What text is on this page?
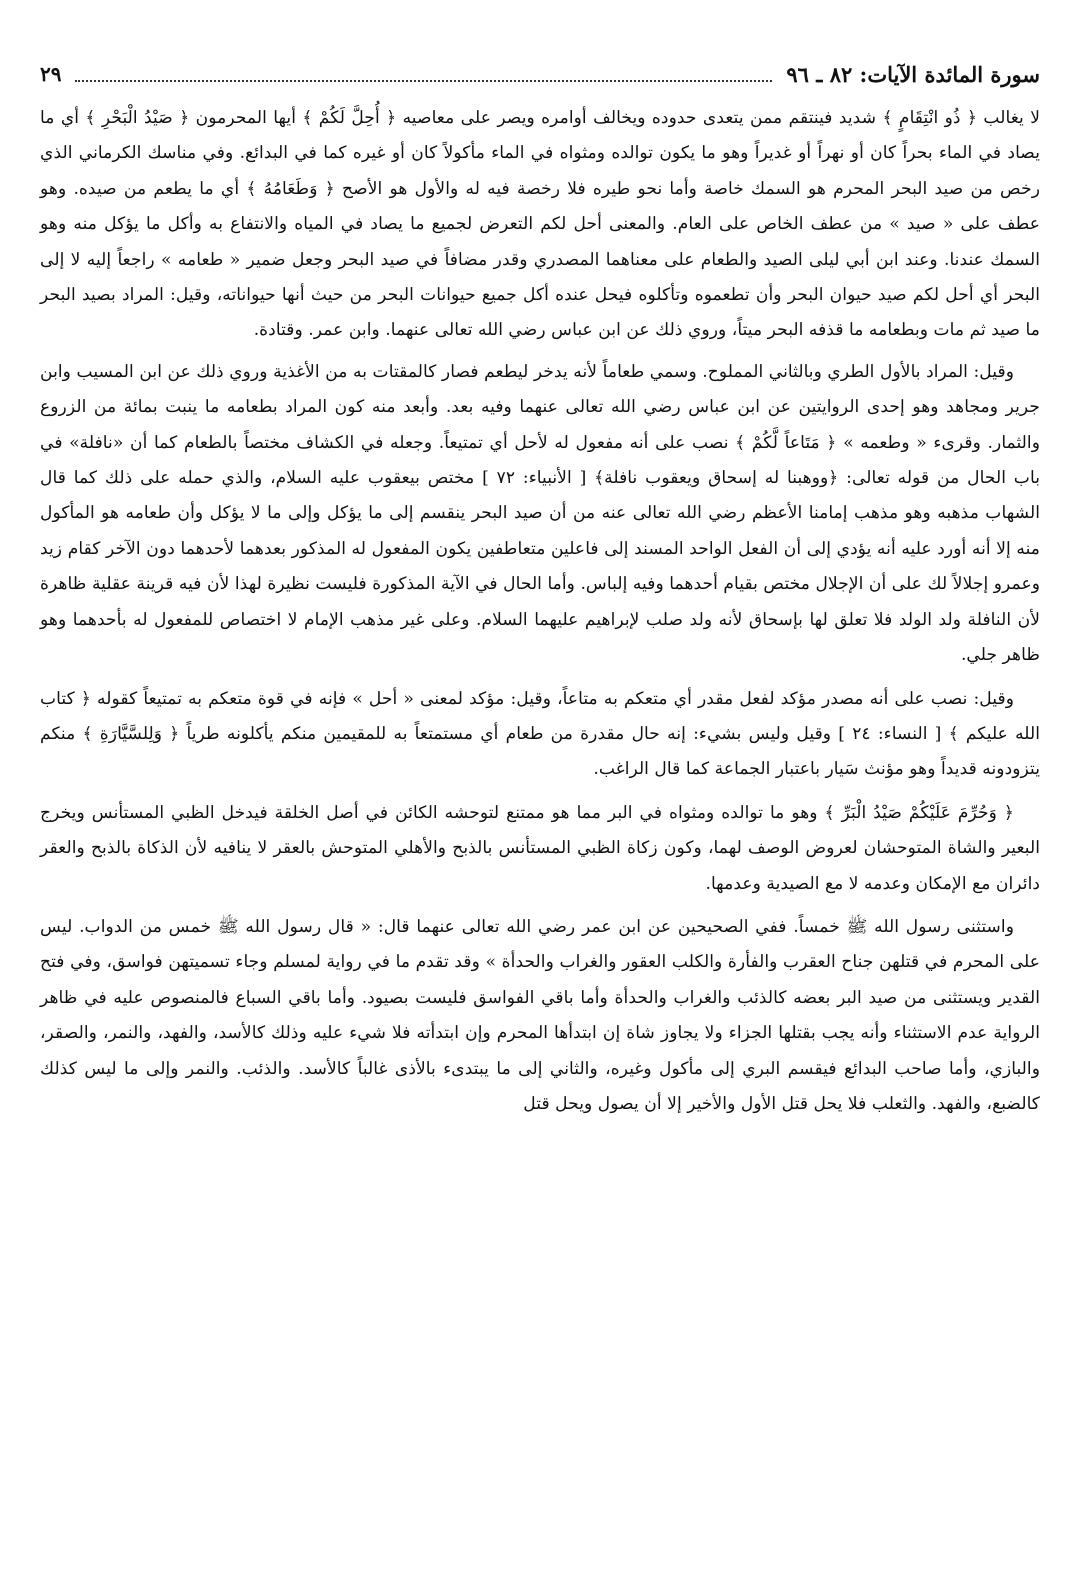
سورة المائدة الآيات: ٨٢ ـ ٩٦
٢٩

لا يغالب ﴿ ذُو انْتِقَامٍ ﴾ شديد فينتقم ممن يتعدى حدوده ويخالف أوامره ويصر على معاصيه ﴿ أُحِلَّ لَكُمْ ﴾ أيها المحرمون ﴿ صَيْدُ الْبَحْرِ ﴾ أي ما يصاد في الماء بحراً كان أو نهراً أو غديراً وهو ما يكون توالده ومثواه في الماء مأكولاً كان أو غيره كما في البدائع. وفي مناسك الكرماني الذي رخص من صيد البحر المحرم هو السمك خاصة وأما نحو طيره فلا رخصة فيه له والأول هو الأصح ﴿ وَطَعَامُهُ ﴾ أي ما يطعم من صيده. وهو عطف على « صيد » من عطف الخاص على العام. والمعنى أحل لكم التعرض لجميع ما يصاد في المياه والانتفاع به وأكل ما يؤكل منه وهو السمك عندنا. وعند ابن أبي ليلى الصيد والطعام على معناهما المصدري وقدر مضافاً في صيد البحر وجعل ضمير « طعامه » راجعاً إليه لا إلى البحر أي أحل لكم صيد حيوان البحر وأن تطعموه وتأكلوه فيحل عنده أكل جميع حيوانات البحر من حيث أنها حيواناته، وقيل: المراد بصيد البحر ما صيد ثم مات وبطعامه ما قذفه البحر ميتاً، وروي ذلك عن ابن عباس رضي الله تعالى عنهما. وابن عمر. وقتادة.

وقيل: المراد بالأول الطري وبالثاني المملوح. وسمي طعاماً لأنه يدخر ليطعم فصار كالمقتات به من الأغذية وروي ذلك عن ابن المسيب وابن جرير ومجاهد وهو إحدى الروايتين عن ابن عباس رضي الله تعالى عنهما وفيه بعد. وأبعد منه كون المراد بطعامه ما ينبت بمائة من الزروع والثمار. وقرىء « وطعمه » ﴿ مَتَاعاً لَّكُمْ ﴾ نصب على أنه مفعول له لأحل أي تمتيعاً. وجعله في الكشاف مختصاً بالطعام كما أن «نافلة» في باب الحال من قوله تعالى: ﴿ووهبنا له إسحاق ويعقوب نافلة﴾ [ الأنبياء: ٧٢ ] مختص بيعقوب عليه السلام، والذي حمله على ذلك كما قال الشهاب مذهبه وهو مذهب إمامنا الأعظم رضي الله تعالى عنه من أن صيد البحر ينقسم إلى ما يؤكل وإلى ما لا يؤكل وأن طعامه هو المأكول منه إلا أنه أورد عليه أنه يؤدي إلى أن الفعل الواحد المسند إلى فاعلين متعاطفين يكون المفعول له المذكور بعدهما لأحدهما دون الآخر كقام زيد وعمرو إجلالاً لك على أن الإجلال مختص بقيام أحدهما وفيه إلباس. وأما الحال في الآية المذكورة فليست نظيرة لهذا لأن فيه قرينة عقلية ظاهرة لأن النافلة ولد الولد فلا تعلق لها بإسحاق لأنه ولد صلب لإبراهيم عليهما السلام. وعلى غير مذهب الإمام لا اختصاص للمفعول له بأحدهما وهو ظاهر جلي.

وقيل: نصب على أنه مصدر مؤكد لفعل مقدر أي متعكم به متاعاً، وقيل: مؤكد لمعنى « أحل » فإنه في قوة متعكم به تمتيعاً كقوله ﴿ كتاب الله عليكم ﴾ [ النساء: ٢٤ ] وقيل وليس بشيء: إنه حال مقدرة من طعام أي مستمتعاً به للمقيمين منكم يأكلونه طرياً ﴿ وَلِلسَّيَّارَةِ ﴾ منكم يتزودونه قديداً وهو مؤنث سَيار باعتبار الجماعة كما قال الراغب.

﴿ وَحُرِّمَ عَلَيْكُمْ صَيْدُ الْبَرِّ ﴾ وهو ما توالده ومثواه في البر مما هو ممتنع لتوحشه الكائن في أصل الخلقة فيدخل الظبي المستأنس ويخرج البعير والشاة المتوحشان لعروض الوصف لهما، وكون زكاة الظبي المستأنس بالذبح والأهلي المتوحش بالعقر لا ينافيه لأن الذكاة بالذبح والعقر دائران مع الإمكان وعدمه لا مع الصيدية وعدمها.

واستثنى رسول الله ﷺ خمساً. ففي الصحيحين عن ابن عمر رضي الله تعالى عنهما قال: « قال رسول الله ﷺ خمس من الدواب. ليس على المحرم في قتلهن جناح العقرب والفأرة والكلب العقور والغراب والحدأة » وقد تقدم ما في رواية لمسلم وجاء تسميتهن فواسق، وفي فتح القدير ويستثنى من صيد البر بعضه كالذئب والغراب والحدأة وأما باقي الفواسق فليست بصيود. وأما باقي السباع فالمنصوص عليه في ظاهر الرواية عدم الاستثناء وأنه يجب بقتلها الجزاء ولا يجاوز شاة إن ابتدأها المحرم وإن ابتدأته فلا شيء عليه وذلك كالأسد، والفهد، والنمر، والصقر، والبازي، وأما صاحب البدائع فيقسم البري إلى مأكول وغيره، والثاني إلى ما يبتدىء بالأذى غالباً كالأسد. والذئب. والنمر وإلى ما ليس كذلك كالضبع، والفهد. والثعلب فلا يحل قتل الأول والأخير إلا أن يصول ويحل قتل
